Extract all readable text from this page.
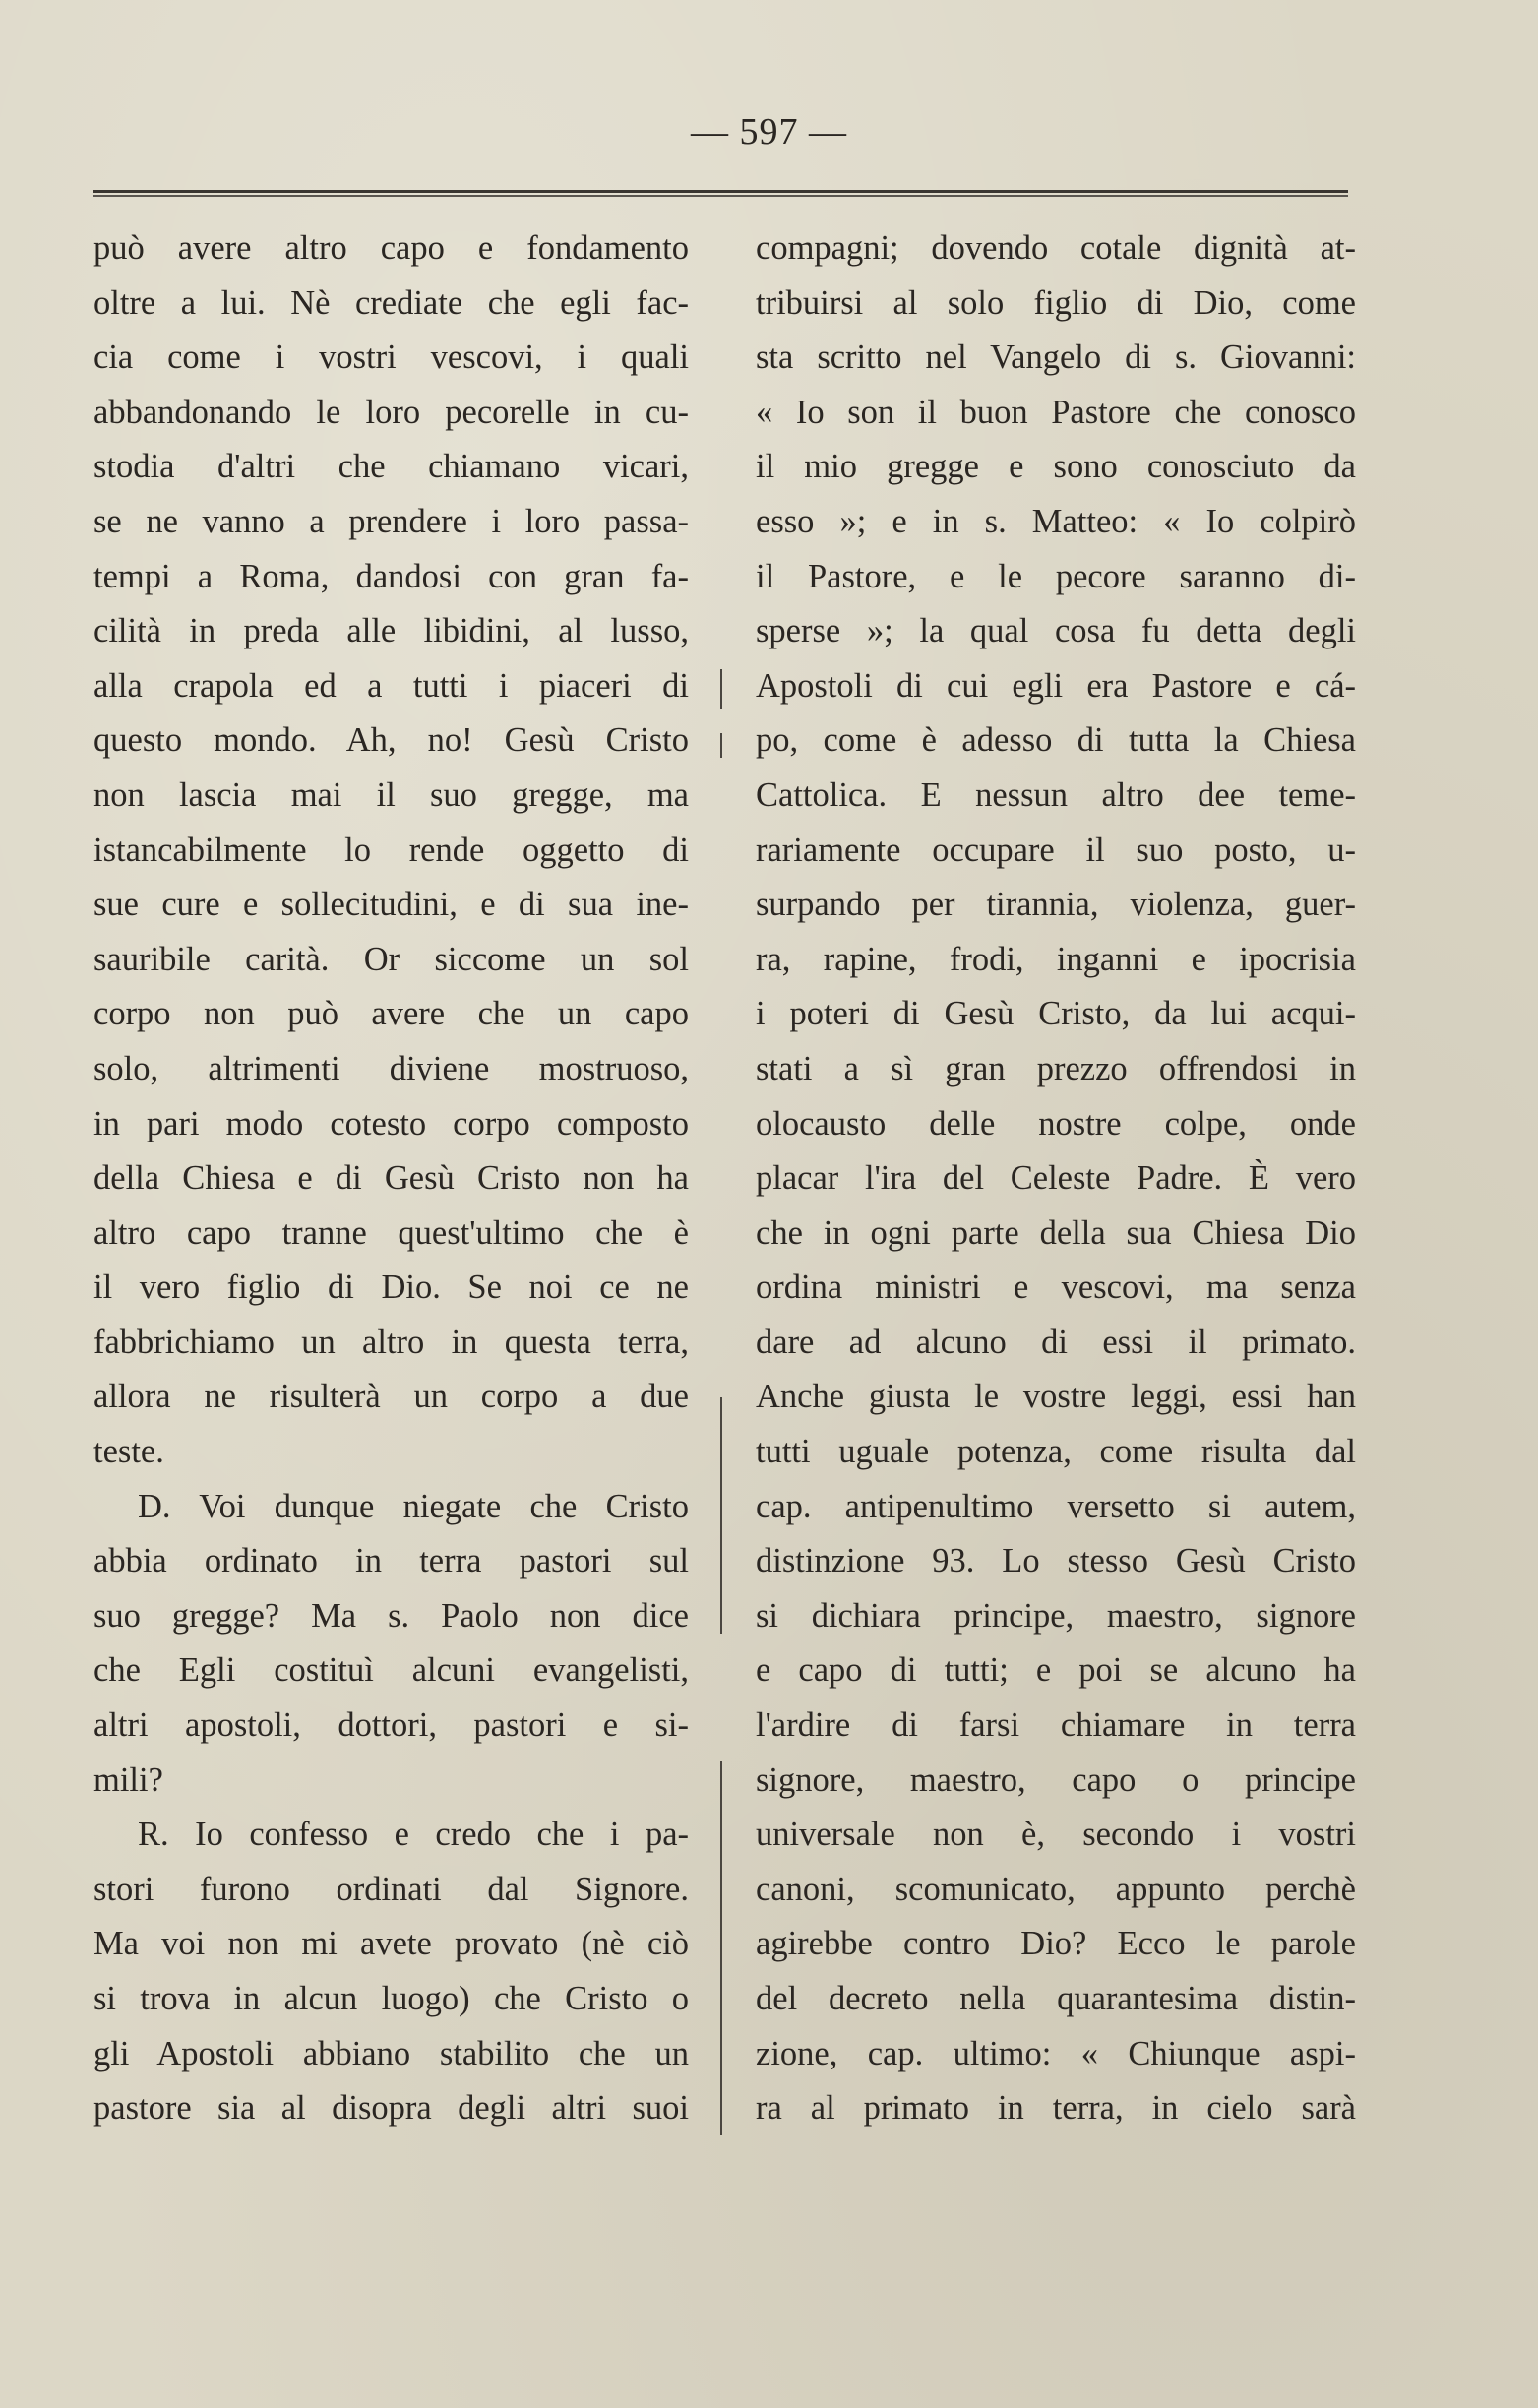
— 597 —
può avere altro capo e fondamento
oltre a lui. Nè crediate che egli fac-
cia come i vostri vescovi, i quali
abbandonando le loro pecorelle in cu-
stodia d'altri che chiamano vicari,
se ne vanno a prendere i loro passa-
tempi a Roma, dandosi con gran fa-
cilità in preda alle libidini, al lusso,
alla crapola ed a tutti i piaceri di
questo mondo. Ah, no! Gesù Cristo
non lascia mai il suo gregge, ma
istancabilmente lo rende oggetto di
sue cure e sollecitudini, e di sua ine-
sauribile carità. Or siccome un sol
corpo non può avere che un capo
solo, altrimenti diviene mostruoso,
in pari modo cotesto corpo composto
della Chiesa e di Gesù Cristo non ha
altro capo tranne quest'ultimo che è
il vero figlio di Dio. Se noi ce ne
fabbrichiamo un altro in questa terra,
allora ne risulterà un corpo a due
teste.
D. Voi dunque niegate che Cristo
abbia ordinato in terra pastori sul
suo gregge? Ma s. Paolo non dice
che Egli costituì alcuni evangelisti,
altri apostoli, dottori, pastori e si-
mili?
R. Io confesso e credo che i pa-
stori furono ordinati dal Signore.
Ma voi non mi avete provato (nè ciò
si trova in alcun luogo) che Cristo o
gli Apostoli abbiano stabilito che un
pastore sia al disopra degli altri suoi
compagni; dovendo cotale dignità at-
tribuirsi al solo figlio di Dio, come
sta scritto nel Vangelo di s. Giovanni:
« Io son il buon Pastore che conosco
il mio gregge e sono conosciuto da
esso »; e in s. Matteo: « Io colpirò
il Pastore, e le pecore saranno di-
sperse »; la qual cosa fu detta degli
Apostoli di cui egli era Pastore e cá-
po, come è adesso di tutta la Chiesa
Cattolica. E nessun altro dee teme-
rariamente occupare il suo posto, u-
surpando per tirannia, violenza, guer-
ra, rapine, frodi, inganni e ipocrisia
i poteri di Gesù Cristo, da lui acqui-
stati a sì gran prezzo offrendosi in
olocausto delle nostre colpe, onde
placar l'ira del Celeste Padre. È vero
che in ogni parte della sua Chiesa Dio
ordina ministri e vescovi, ma senza
dare ad alcuno di essi il primato.
Anche giusta le vostre leggi, essi han
tutti uguale potenza, come risulta dal
cap. antipenultimo versetto si autem,
distinzione 93. Lo stesso Gesù Cristo
si dichiara principe, maestro, signore
e capo di tutti; e poi se alcuno ha
l'ardire di farsi chiamare in terra
signore, maestro, capo o principe
universale non è, secondo i vostri
canoni, scomunicato, appunto perchè
agirebbe contro Dio? Ecco le parole
del decreto nella quarantesima distin-
zione, cap. ultimo: « Chiunque aspi-
ra al primato in terra, in cielo sarà
